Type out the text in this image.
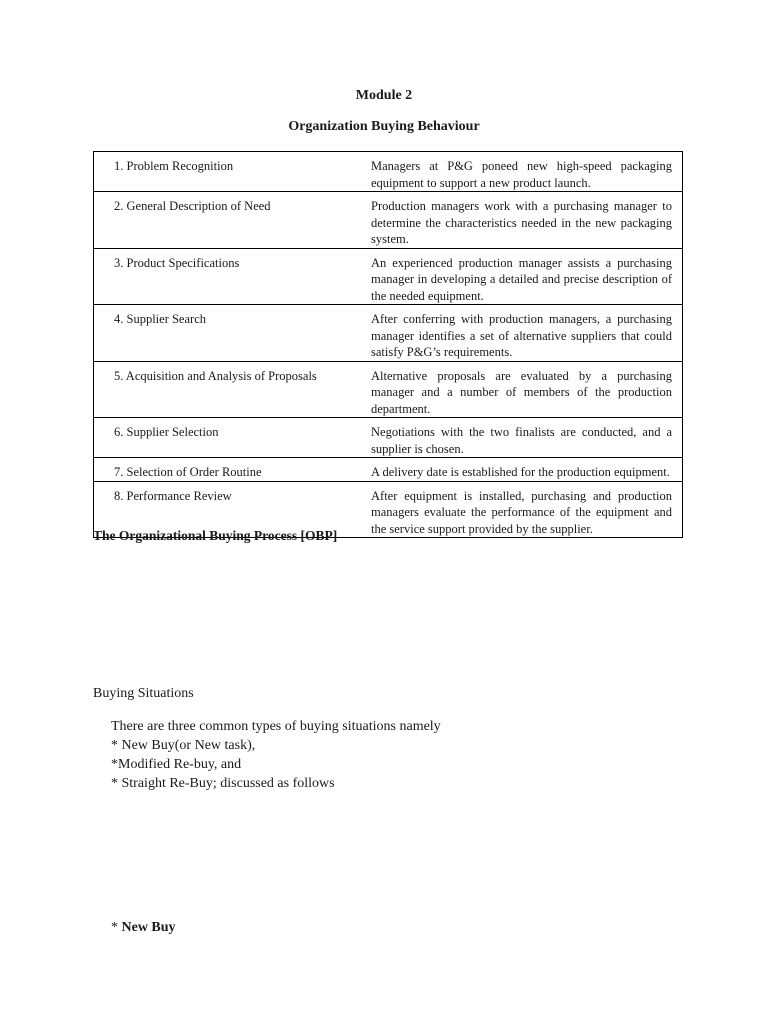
Module 2
Organization Buying Behaviour
1. Problem Recognition	Managers at P&G poneed new high-speed packaging equipment to support a new product launch.
2. General Description of Need	Production managers work with a purchasing manager to determine the characteristics needed in the new packaging system.
3. Product Specifications	An experienced production manager assists a purchasing manager in developing a detailed and precise description of the needed equipment.
4. Supplier Search	After conferring with production managers, a purchasing manager identifies a set of alternative suppliers that could satisfy P&G’s requirements.
5. Acquisition and Analysis of Proposals	Alternative proposals are evaluated by a purchasing manager and a number of members of the production department.
6. Supplier Selection	Negotiations with the two finalists are conducted, and a supplier is chosen.
7. Selection of Order Routine	A delivery date is established for the production equipment.
8. Performance Review	After equipment is installed, purchasing and production managers evaluate the performance of the equipment and the service support provided by the supplier.
The Organizational Buying Process [OBP]
Buying Situations
There are three common types of buying situations namely
* New Buy(or New task),
*Modified Re-buy, and
* Straight Re-Buy; discussed as follows
* New Buy
